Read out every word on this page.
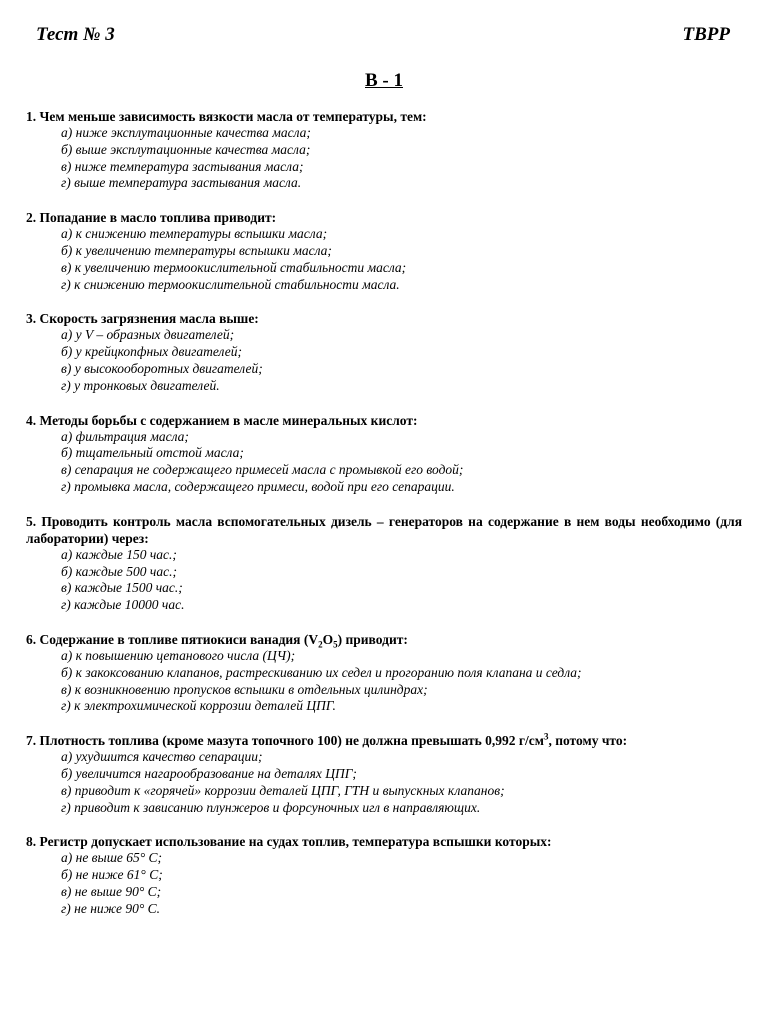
Тест № 3	ТВРР
В - 1
1. Чем меньше зависимость вязкости масла от температуры, тем:
а) ниже эксплутационные качества масла;
б) выше эксплутационные качества масла;
в) ниже температура застывания масла;
г) выше температура застывания масла.
2. Попадание в масло топлива приводит:
а) к снижению температуры вспышки масла;
б) к увеличению температуры вспышки масла;
в) к увеличению термоокислительной стабильности масла;
г) к снижению термоокислительной стабильности масла.
3. Скорость загрязнения масла выше:
а) у V – образных двигателей;
б) у крейцкопфных двигателей;
в) у высокооборотных двигателей;
г) у тронковых двигателей.
4. Методы борьбы с содержанием в масле минеральных кислот:
а) фильтрация масла;
б) тщательный отстой масла;
в) сепарация не содержащего примесей масла с промывкой его водой;
г) промывка масла, содержащего примеси, водой при его сепарации.
5. Проводить контроль масла вспомогательных дизель – генераторов на содержание в нем воды необходимо (для лаборатории) через:
а) каждые 150 час.;
б) каждые 500 час.;
в) каждые 1500 час.;
г) каждые 10000 час.
6. Содержание в топливе пятиокиси ванадия $(V_2O_5)$ приводит:
а) к повышению цетанового числа (ЦЧ);
б) к закоксованию клапанов, растрескиванию их седел и прогоранию поля клапана и седла;
в) к возникновению пропусков вспышки в отдельных цилиндрах;
г) к электрохимической коррозии деталей ЦПГ.
7. Плотность топлива (кроме мазута топочного 100) не должна превышать 0,992 $г/см^3$, потому что:
а) ухудшится качество сепарации;
б) увеличится нагарообразование на деталях ЦПГ;
в) приводит к «горячей» коррозии деталей ЦПГ, ГТН и выпускных клапанов;
г) приводит к зависанию плунжеров и форсуночных игл в направляющих.
8. Регистр допускает использование на судах топлив, температура вспышки которых:
а) не выше 65° С;
б) не ниже 61° С;
в) не выше 90° С;
г) не ниже 90° С.
